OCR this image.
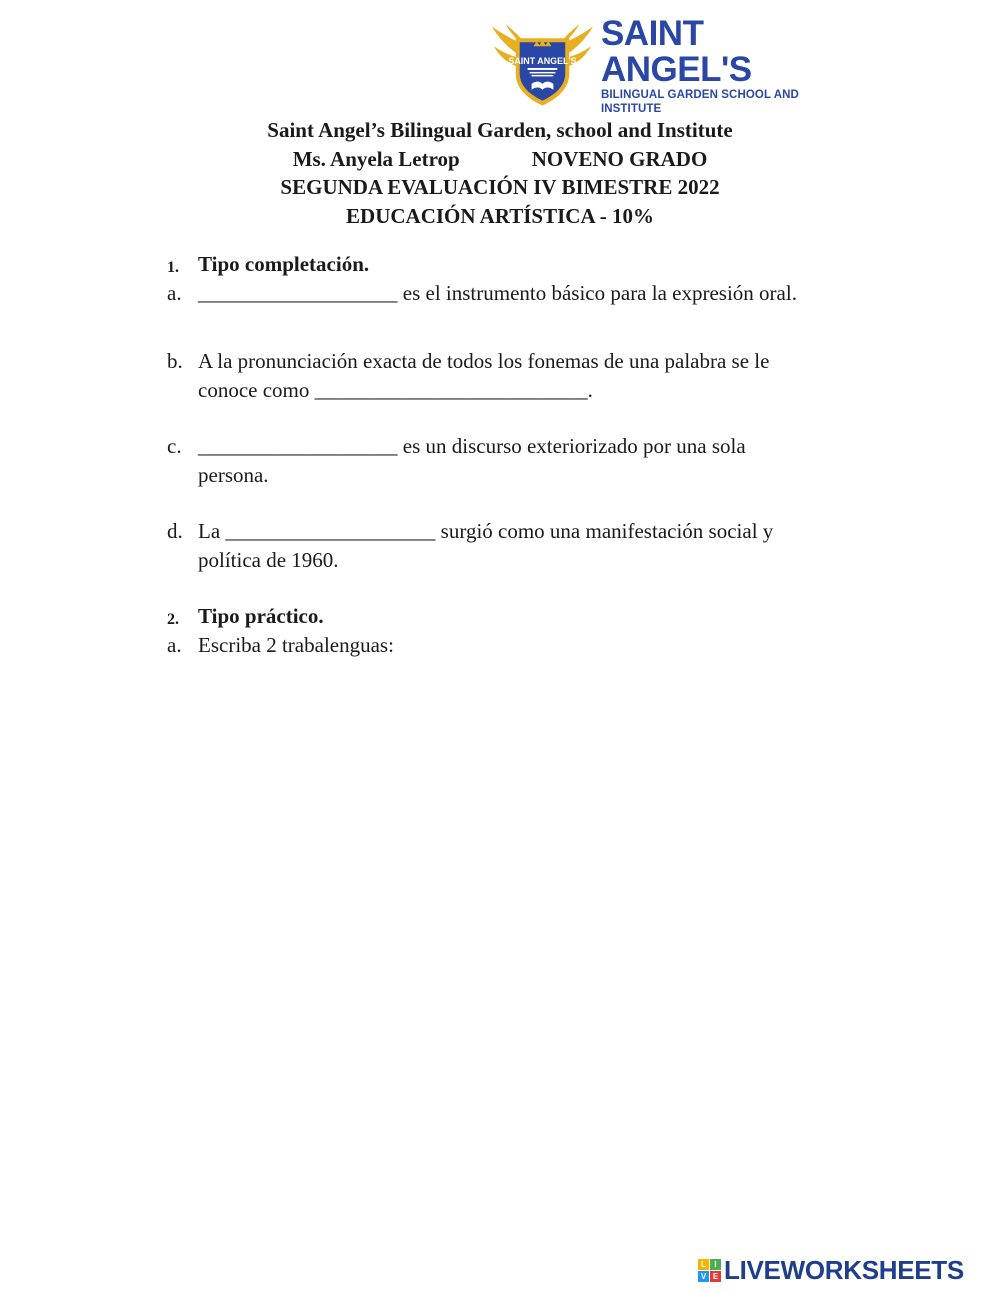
SAINT ANGEL'S
SAINT ANGEL'S
BILINGUAL GARDEN SCHOOL AND INSTITUTE
Saint Angel’s Bilingual Garden, school and Institute
Ms. Anyela Letrop	NOVENO GRADO
SEGUNDA EVALUACIÓN IV BIMESTRE 2022
EDUCACIÓN ARTÍSTICA - 10%
1. Tipo completación.
a. ___________________ es el instrumento básico para la expresión oral.
b. A la pronunciación exacta de todos los fonemas de una palabra se le
conoce como __________________________.
c. ___________________ es un discurso exteriorizado por una sola
persona.
d. La ____________________ surgió como una manifestación social y
política de 1960.
2. Tipo práctico.
a. Escriba 2 trabalenguas:
L	I
V E LIVEWORKSHEETS
